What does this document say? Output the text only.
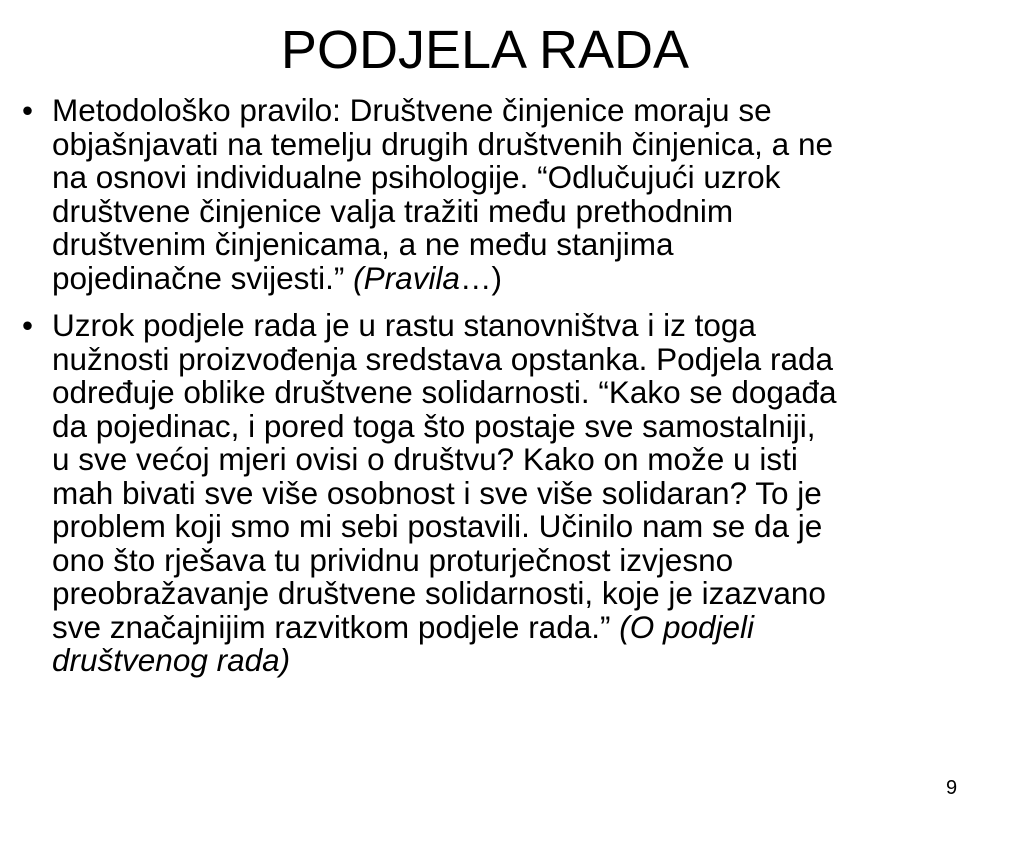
PODJELA RADA
• Metodološko pravilo: Društvene činjenice moraju se
objašnjavati na temelju drugih društvenih činjenica, a ne
na osnovi individualne psihologije. “Odlučujući uzrok
društvene činjenice valja tražiti među prethodnim
društvenim činjenicama, a ne među stanjima
pojedinačne svijesti.” (Pravila…)
• Uzrok podjele rada je u rastu stanovništva i iz toga
nužnosti proizvođenja sredstava opstanka. Podjela rada
određuje oblike društvene solidarnosti. “Kako se događa
da pojedinac, i pored toga što postaje sve samostalniji,
u sve većoj mjeri ovisi o društvu? Kako on može u isti
mah bivati sve više osobnost i sve više solidaran? To je
problem koji smo mi sebi postavili. Učinilo nam se da je
ono što rješava tu prividnu proturječnost izvjesno
preobražavanje društvene solidarnosti, koje je izazvano
sve značajnijim razvitkom podjele rada.” (O podjeli
društvenog rada)
9
